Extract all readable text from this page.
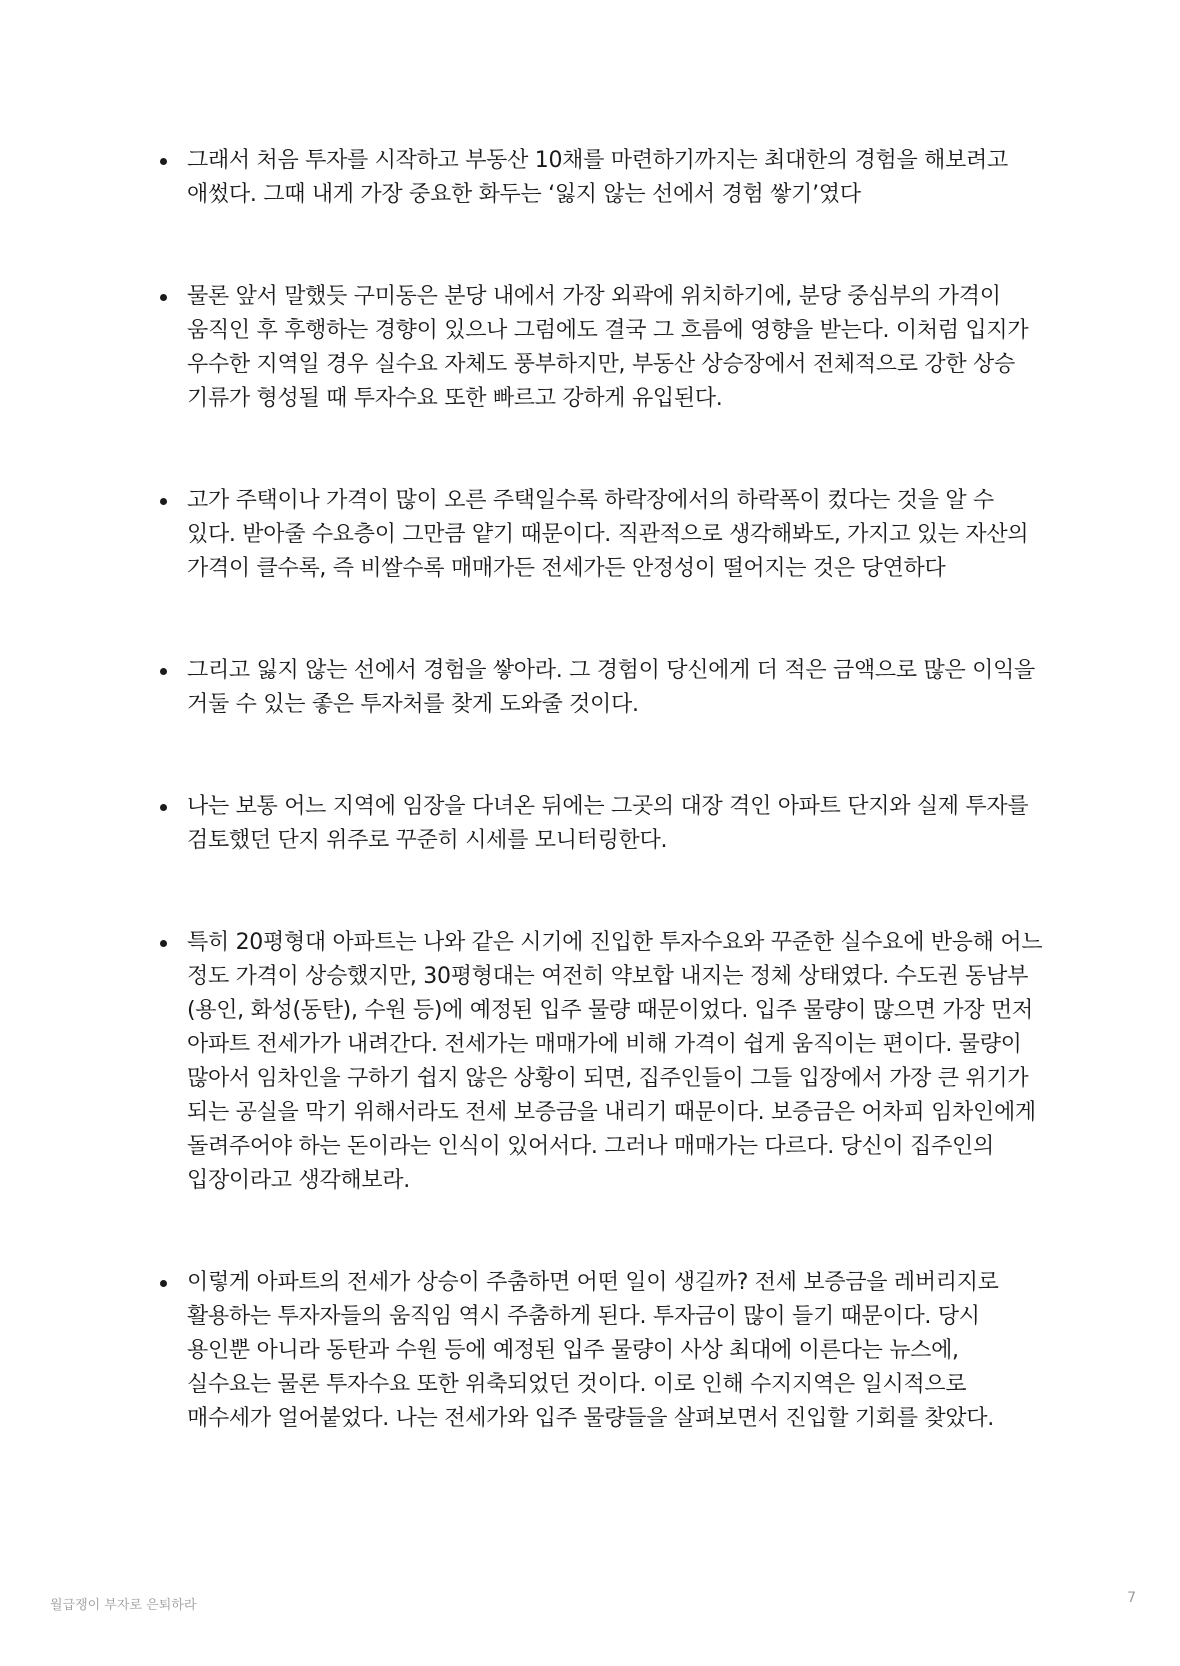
그래서 처음 투자를 시작하고 부동산 10채를 마련하기까지는 최대한의 경험을 해보려고 애썼다. 그때 내게 가장 중요한 화두는 ‘잃지 않는 선에서 경험 쌓기’였다
물론 앞서 말했듯 구미동은 분당 내에서 가장 외곽에 위치하기에, 분당 중심부의 가격이 움직인 후 후행하는 경향이 있으나 그럼에도 결국 그 흐름에 영향을 받는다. 이처럼 입지가 우수한 지역일 경우 실수요 자체도 풍부하지만, 부동산 상승장에서 전체적으로 강한 상승 기류가 형성될 때 투자수요 또한 빠르고 강하게 유입된다.
고가 주택이나 가격이 많이 오른 주택일수록 하락장에서의 하락폭이 컸다는 것을 알 수 있다. 받아줄 수요층이 그만큼 얕기 때문이다. 직관적으로 생각해봐도, 가지고 있는 자산의 가격이 클수록, 즉 비쌀수록 매매가든 전세가든 안정성이 떨어지는 것은 당연하다
그리고 잃지 않는 선에서 경험을 쌓아라. 그 경험이 당신에게 더 적은 금액으로 많은 이익을 거둘 수 있는 좋은 투자처를 찾게 도와줄 것이다.
나는 보통 어느 지역에 임장을 다녀온 뒤에는 그곳의 대장 격인 아파트 단지와 실제 투자를 검토했던 단지 위주로 꾸준히 시세를 모니터링한다.
특히 20평형대 아파트는 나와 같은 시기에 진입한 투자수요와 꾸준한 실수요에 반응해 어느 정도 가격이 상승했지만, 30평형대는 여전히 약보합 내지는 정체 상태였다. 수도권 동남부(용인, 화성(동탄), 수원 등)에 예정된 입주 물량 때문이었다. 입주 물량이 많으면 가장 먼저 아파트 전세가가 내려간다. 전세가는 매매가에 비해 가격이 쉽게 움직이는 편이다. 물량이 많아서 임차인을 구하기 쉽지 않은 상황이 되면, 집주인들이 그들 입장에서 가장 큰 위기가 되는 공실을 막기 위해서라도 전세 보증금을 내리기 때문이다. 보증금은 어차피 임차인에게 돌려주어야 하는 돈이라는 인식이 있어서다. 그러나 매매가는 다르다. 당신이 집주인의 입장이라고 생각해보라.
이렇게 아파트의 전세가 상승이 주춤하면 어떤 일이 생길까? 전세 보증금을 레버리지로 활용하는 투자자들의 움직임 역시 주춤하게 된다. 투자금이 많이 들기 때문이다. 당시 용인뿐 아니라 동탄과 수원 등에 예정된 입주 물량이 사상 최대에 이른다는 뉴스에, 실수요는 물론 투자수요 또한 위축되었던 것이다. 이로 인해 수지지역은 일시적으로 매수세가 얼어붙었다. 나는 전세가와 입주 물량들을 살펴보면서 진입할 기회를 찾았다.
월급쟁이 부자로 은퇴하라	7
